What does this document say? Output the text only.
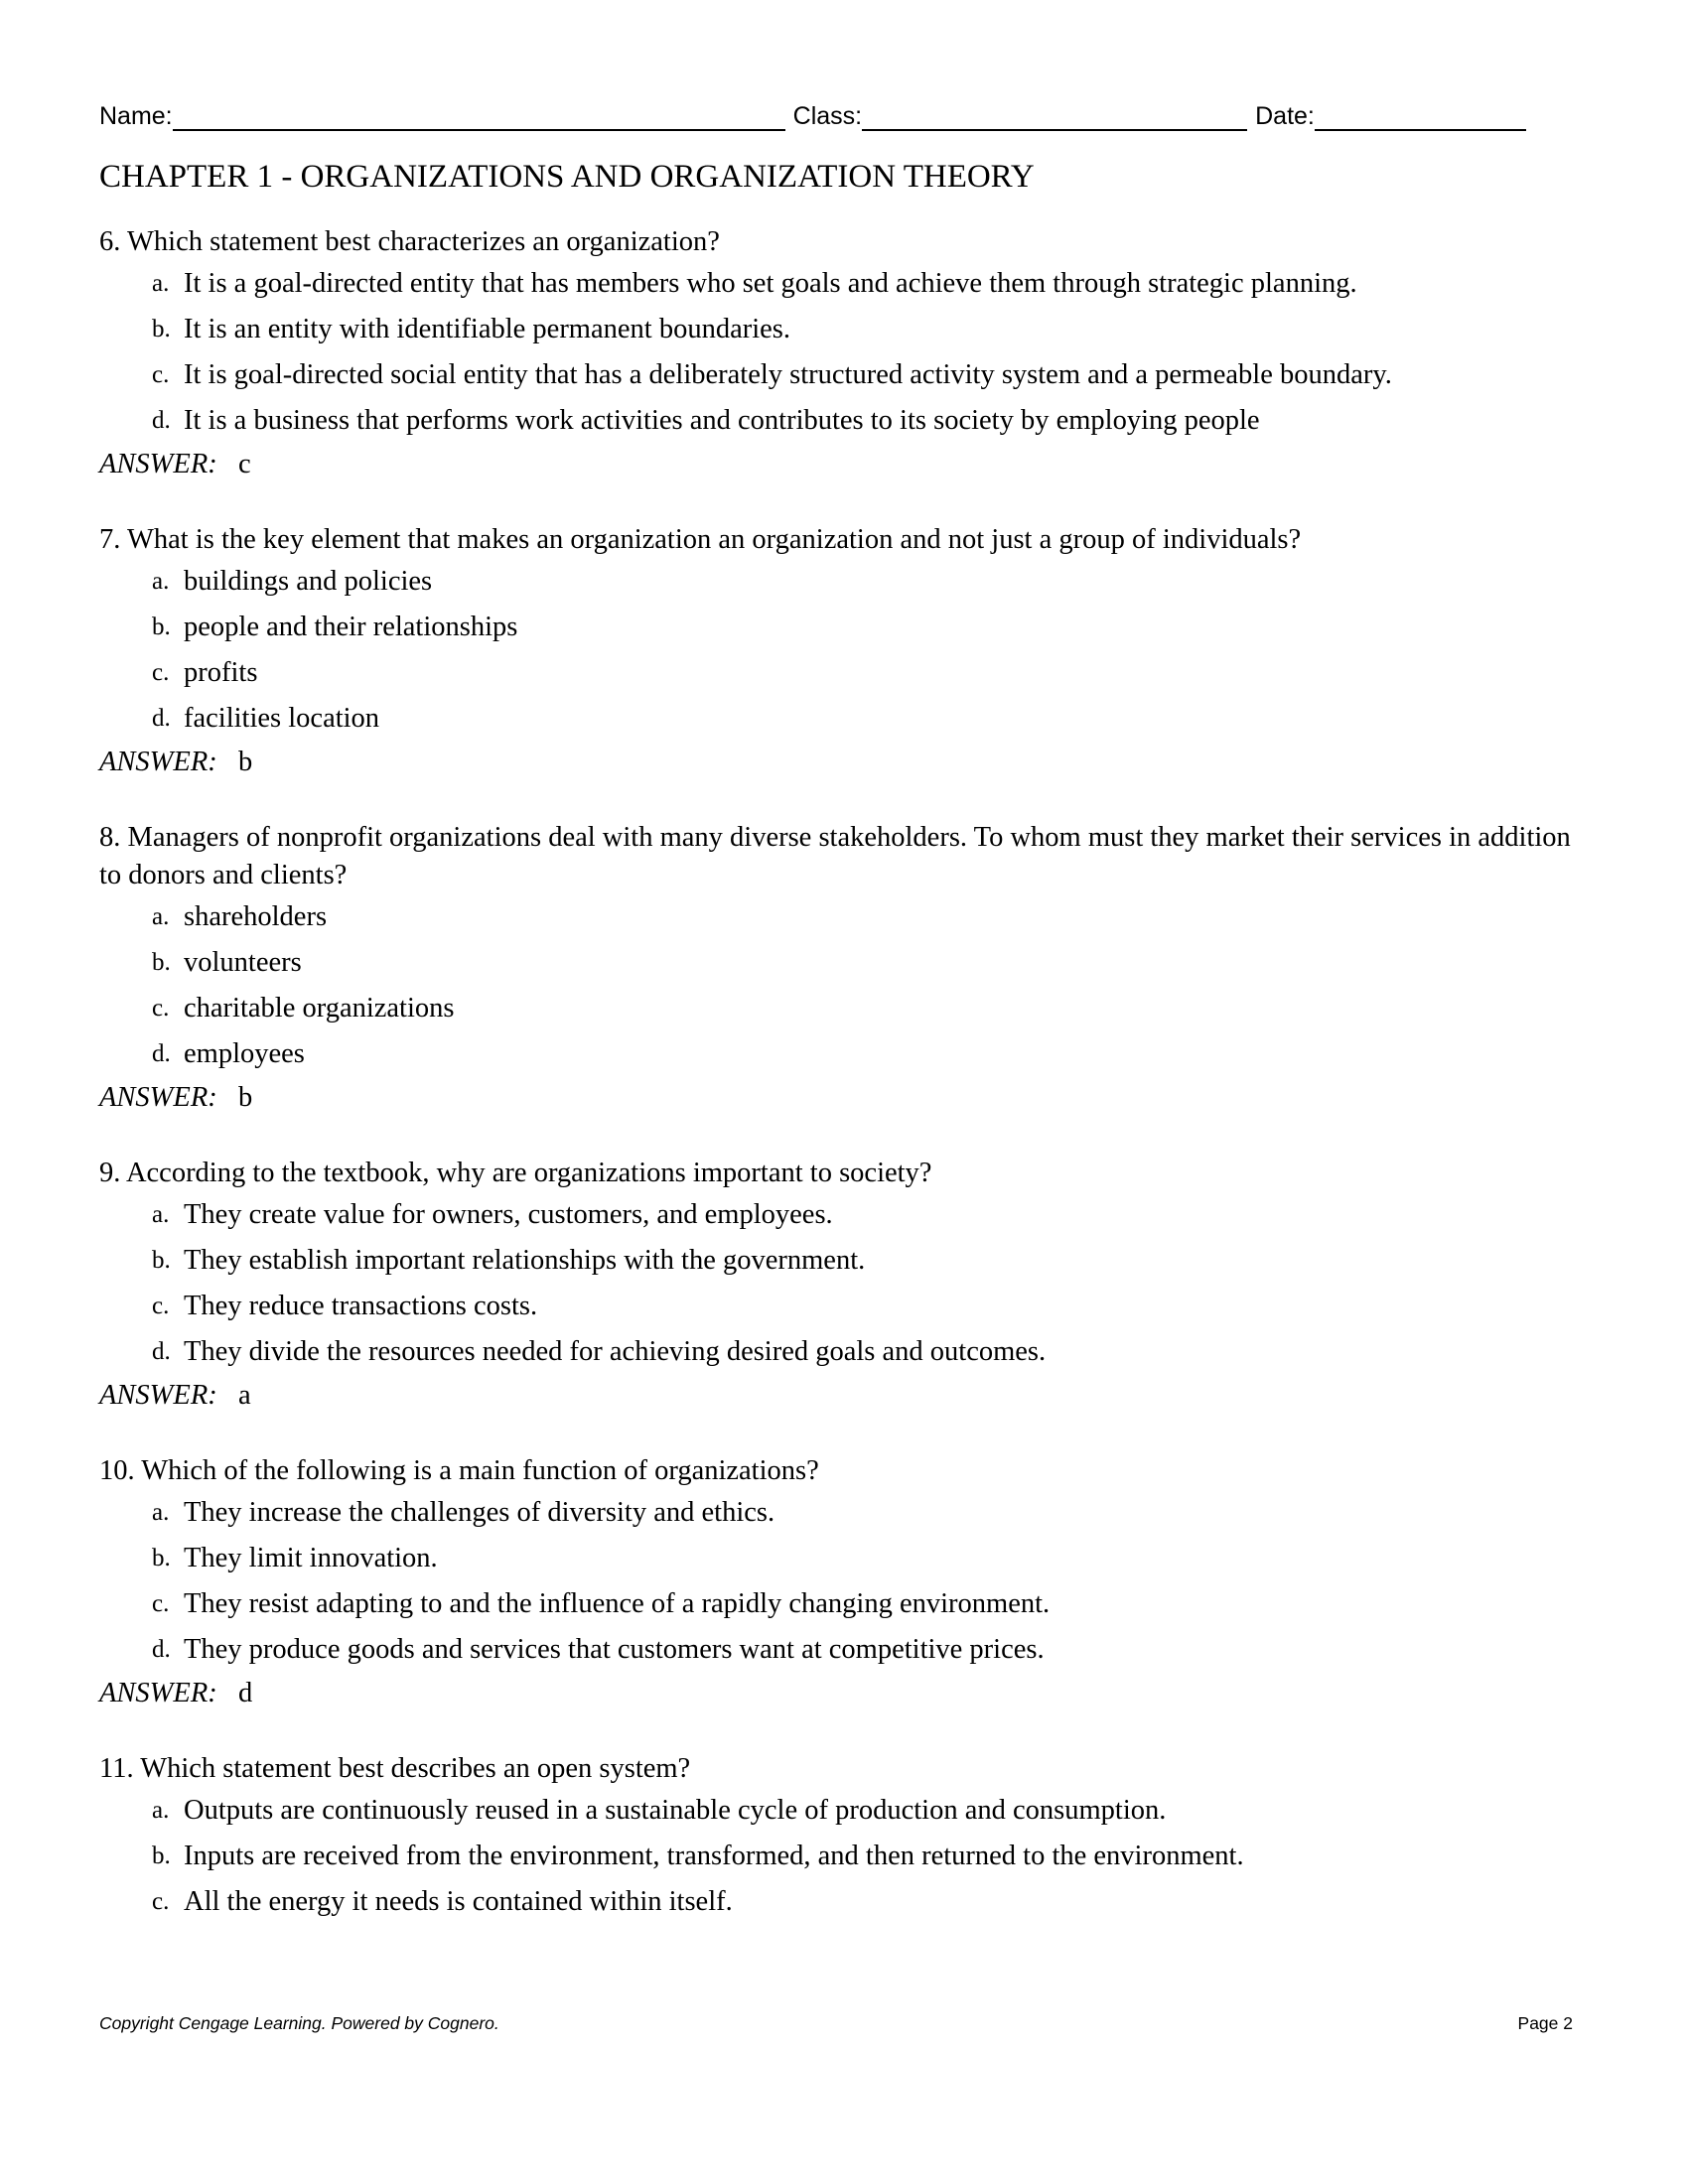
Name:	Class:	Date:
CHAPTER 1 - ORGANIZATIONS AND ORGANIZATION THEORY

6. Which statement best characterizes an organization?

a. It is a goal-directed entity that has members who set goals and achieve them through strategic planning.
b. It is an entity with identifiable permanent boundaries.
c. It is goal-directed social entity that has a deliberately structured activity system and a permeable boundary.
d. It is a business that performs work activities and contributes to its society by employing people
ANSWER: c

7. What is the key element that makes an organization an organization and not just a group of individuals?

a. buildings and policies
b. people and their relationships
c. profits
d. facilities location
ANSWER: b

8. Managers of nonprofit organizations deal with many diverse stakeholders. To whom must they market their services in addition to donors and clients?

a. shareholders
b. volunteers
c. charitable organizations
d. employees
ANSWER: b

9. According to the textbook, why are organizations important to society?

a. They create value for owners, customers, and employees.
b. They establish important relationships with the government.
c. They reduce transactions costs.
d. They divide the resources needed for achieving desired goals and outcomes.
ANSWER: a

10. Which of the following is a main function of organizations?

a. They increase the challenges of diversity and ethics.
b. They limit innovation.
c. They resist adapting to and the influence of a rapidly changing environment.
d. They produce goods and services that customers want at competitive prices.
ANSWER: d

11. Which statement best describes an open system?

a. Outputs are continuously reused in a sustainable cycle of production and consumption.
b. Inputs are received from the environment, transformed, and then returned to the environment.
c. All the energy it needs is contained within itself.
Copyright Cengage Learning. Powered by Cognero.	Page 2
